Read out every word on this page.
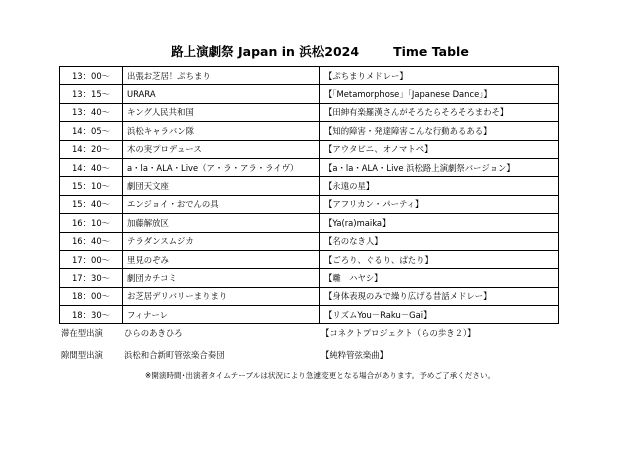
路上演劇祭 Japan in 浜松2024	Time Table
13：00～	出張お芝居！ぷちまり	【ぷちまりメドレー】
13：15～	URARA	【「Metamorphose」「Japanese Dance」】
13：40～	キング人民共和国	【田紳有楽羅漢さんがそろたらそろそろまわそ】
14：05～	浜松キャラバン隊	【知的障害・発達障害こんな行動あるある】
14：20～	木の実プロデュース	【アウタピニ、オノマトペ】
14：40～	a・la・ALA・Live（ア・ラ・アラ・ライヴ）	【a・la・ALA・Live 浜松路上演劇祭バージョン】
15：10～	劇団天文座	【永遠の星】
15：40～	エンジョイ・おでんの具	【アフリカン・パーティ】
16：10～	加藤解放区	【Ya(ra)maika】
16：40～	テラダンスムジカ	【名のなき人】
17：00～	里見のぞみ	【ごろり、ぐるり、ぱたり】
17：30～	劇団カチコミ	【囃　ハヤシ】
18：00～	お芝居デリバリーまりまり	【身体表現のみで繰り広げる昔話メドレー】
18：30～	フィナーレ	【リズムYou－Raku－Gai】
滞在型出演	ひらのあきひろ	【コネクトプロジェクト（らの歩き２）】
隙間型出演	浜松和合新町管弦楽合奏団	【純粋管弦楽曲】
※開演時間･出演者タイムテーブルは状況により急遽変更となる場合があります。予めご了承ください。
